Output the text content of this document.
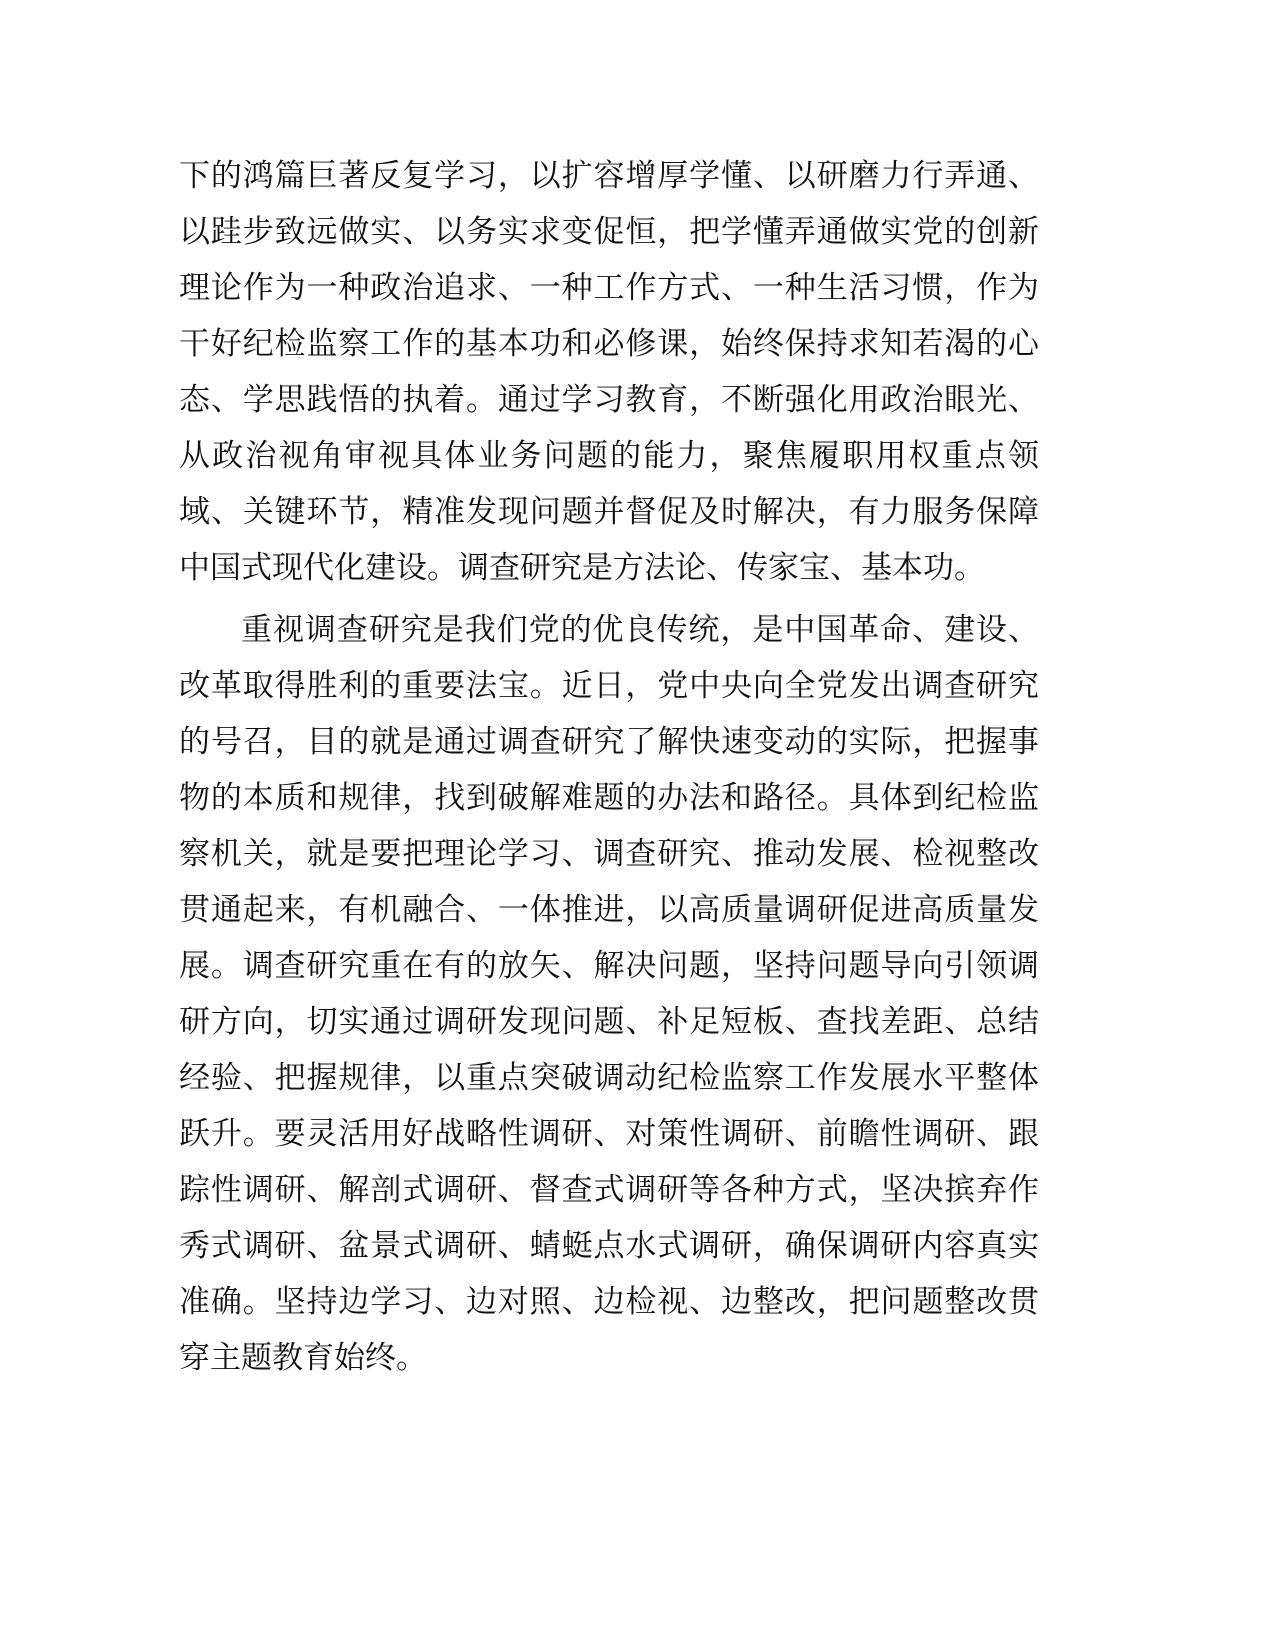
下的鸿篇巨著反复学习，以扩容增厚学懂、以研磨力行弄通、以跬步致远做实、以务实求变促恒，把学懂弄通做实党的创新理论作为一种政治追求、一种工作方式、一种生活习惯，作为干好纪检监察工作的基本功和必修课，始终保持求知若渴的心态、学思践悟的执着。通过学习教育，不断强化用政治眼光、从政治视角审视具体业务问题的能力，聚焦履职用权重点领域、关键环节，精准发现问题并督促及时解决，有力服务保障中国式现代化建设。调查研究是方法论、传家宝、基本功。

重视调查研究是我们党的优良传统，是中国革命、建设、改革取得胜利的重要法宝。近日，党中央向全党发出调查研究的号召，目的就是通过调查研究了解快速变动的实际，把握事物的本质和规律，找到破解难题的办法和路径。具体到纪检监察机关，就是要把理论学习、调查研究、推动发展、检视整改贯通起来，有机融合、一体推进，以高质量调研促进高质量发展。调查研究重在有的放矢、解决问题，坚持问题导向引领调研方向，切实通过调研发现问题、补足短板、查找差距、总结经验、把握规律，以重点突破调动纪检监察工作发展水平整体跃升。要灵活用好战略性调研、对策性调研、前瞻性调研、跟踪性调研、解剖式调研、督查式调研等各种方式，坚决摈弃作秀式调研、盆景式调研、蜻蜓点水式调研，确保调研内容真实准确。坚持边学习、边对照、边检视、边整改，把问题整改贯穿主题教育始终。
